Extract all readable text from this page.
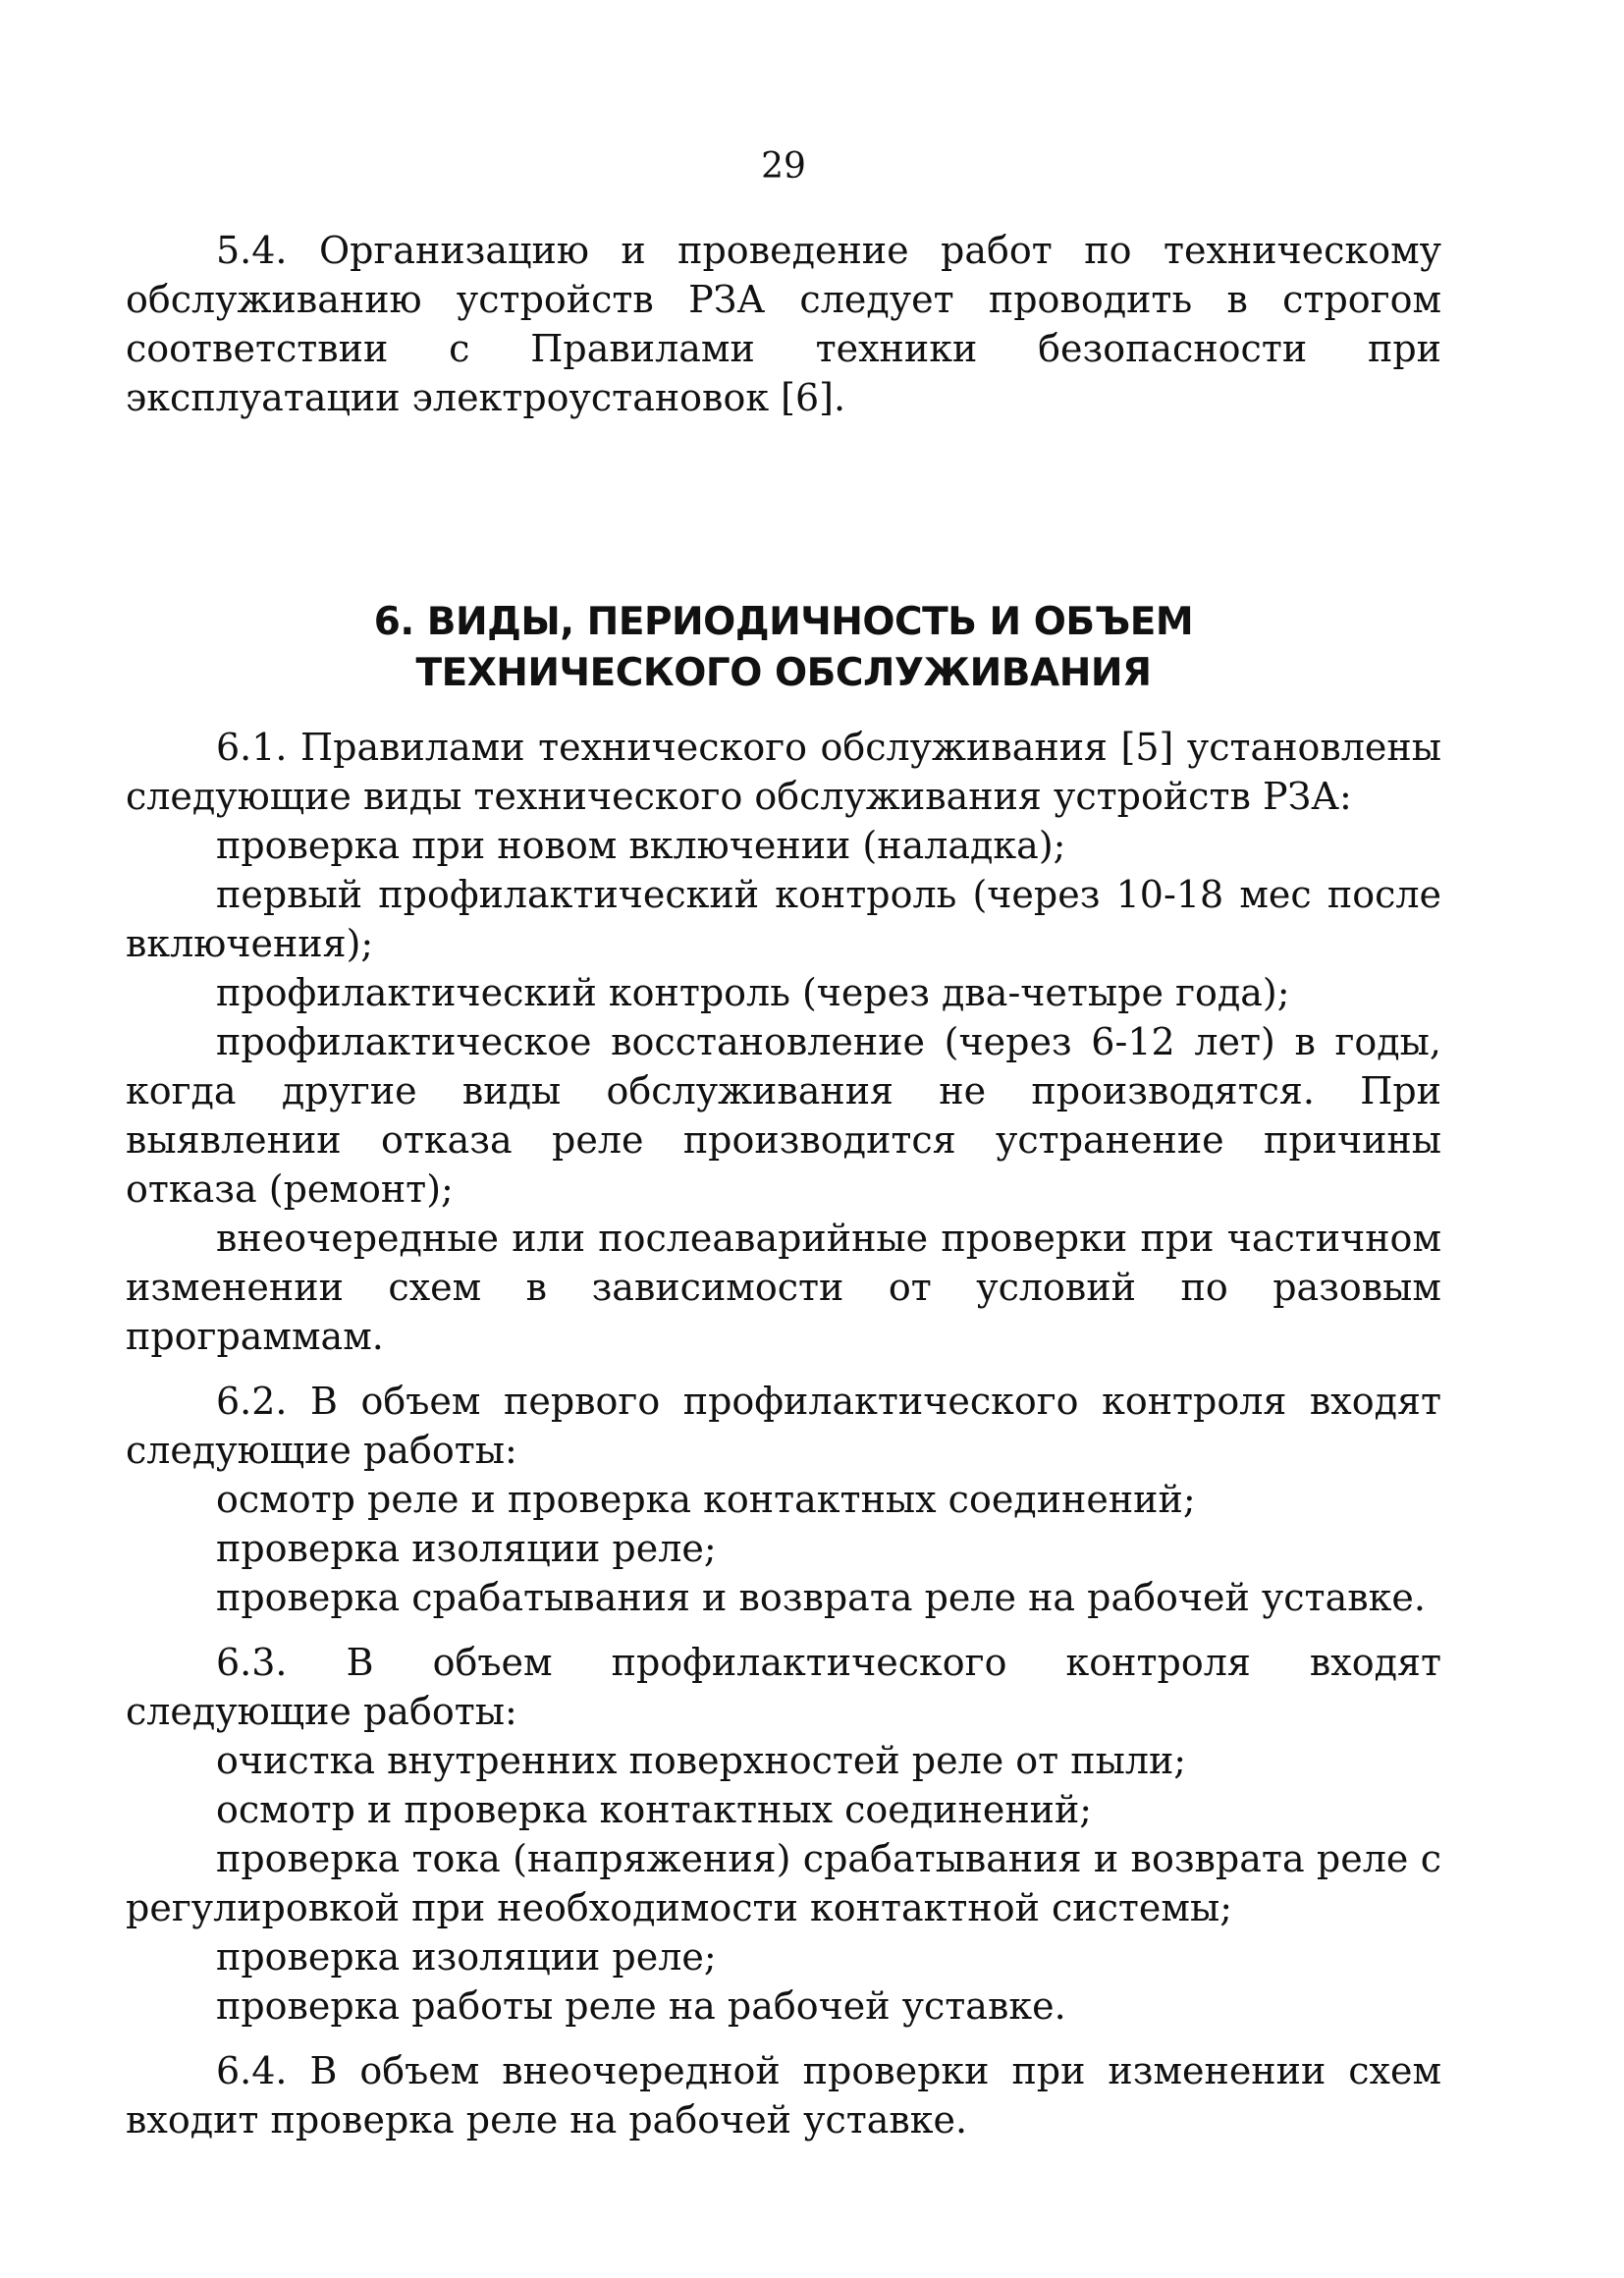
29

5.4. Организацию и проведение работ по техническому обслуживанию устройств РЗА следует проводить в строгом соответствии с Правилами техники безопасности при эксплуатации электроустановок [6].

6. ВИДЫ, ПЕРИОДИЧНОСТЬ И ОБЪЕМ
ТЕХНИЧЕСКОГО ОБСЛУЖИВАНИЯ

6.1. Правилами технического обслуживания [5] установлены следующие виды технического обслуживания устройств РЗА:

проверка при новом включении (наладка);

первый профилактический контроль (через 10-18 мес после включения);

профилактический контроль (через два-четыре года);

профилактическое восстановление (через 6-12 лет) в годы, когда другие виды обслуживания не производятся. При выявлении отказа реле производится устранение причины отказа (ремонт);

внеочередные или послеаварийные проверки при частичном изменении схем в зависимости от условий по разовым программам.

6.2. В объем первого профилактического контроля входят следующие работы:

осмотр реле и проверка контактных соединений;

проверка изоляции реле;

проверка срабатывания и возврата реле на рабочей уставке.

6.3. В объем профилактического контроля входят следующие работы:

очистка внутренних поверхностей реле от пыли;

осмотр и проверка контактных соединений;

проверка тока (напряжения) срабатывания и возврата реле с регулировкой при необходимости контактной системы;

проверка изоляции реле;

проверка работы реле на рабочей уставке.

6.4. В объем внеочередной проверки при изменении схем входит проверка реле на рабочей уставке.
